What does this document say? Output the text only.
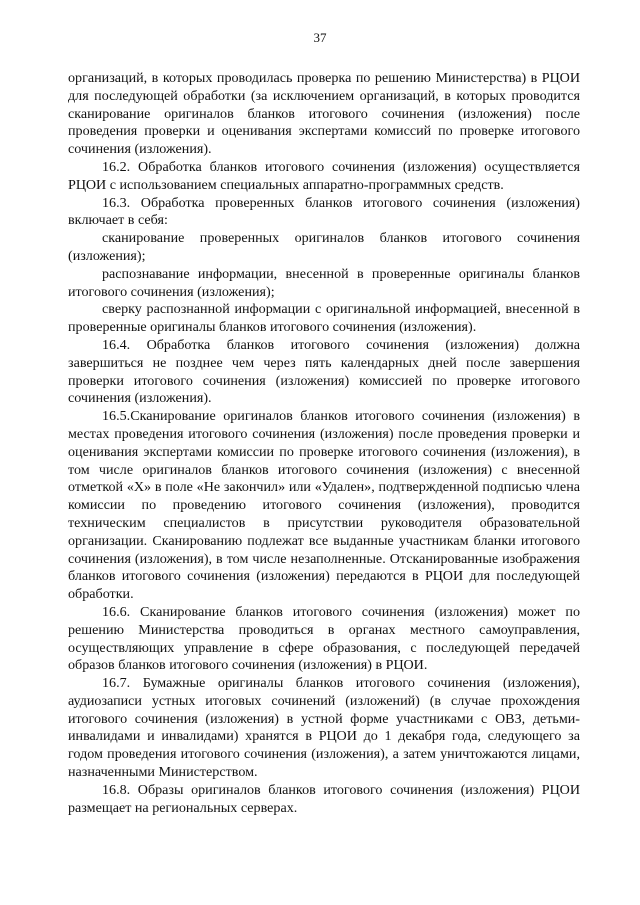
37

организаций, в которых проводилась проверка по решению Министерства) в РЦОИ для последующей обработки (за исключением организаций, в которых проводится сканирование оригиналов бланков итогового сочинения (изложения) после проведения проверки и оценивания экспертами комиссий по проверке итогового сочинения (изложения).

16.2. Обработка бланков итогового сочинения (изложения) осуществляется РЦОИ с использованием специальных аппаратно-программных средств.

16.3. Обработка проверенных бланков итогового сочинения (изложения) включает в себя:

сканирование проверенных оригиналов бланков итогового сочинения (изложения);

распознавание информации, внесенной в проверенные оригиналы бланков итогового сочинения (изложения);

сверку распознанной информации с оригинальной информацией, внесенной в проверенные оригиналы бланков итогового сочинения (изложения).

16.4. Обработка бланков итогового сочинения (изложения) должна завершиться не позднее чем через пять календарных дней после завершения проверки итогового сочинения (изложения) комиссией по проверке итогового сочинения (изложения).

16.5.Сканирование оригиналов бланков итогового сочинения (изложения) в местах проведения итогового сочинения (изложения) после проведения проверки и оценивания экспертами комиссии по проверке итогового сочинения (изложения), в том числе оригиналов бланков итогового сочинения (изложения) с внесенной отметкой «X» в поле «Не закончил» или «Удален», подтвержденной подписью члена комиссии по проведению итогового сочинения (изложения), проводится техническим специалистов в присутствии руководителя образовательной организации. Сканированию подлежат все выданные участникам бланки итогового сочинения (изложения), в том числе незаполненные. Отсканированные изображения бланков итогового сочинения (изложения) передаются в РЦОИ для последующей обработки.

16.6. Сканирование бланков итогового сочинения (изложения) может по решению Министерства проводиться в органах местного самоуправления, осуществляющих управление в сфере образования, с последующей передачей образов бланков итогового сочинения (изложения) в РЦОИ.

16.7. Бумажные оригиналы бланков итогового сочинения (изложения), аудиозаписи устных итоговых сочинений (изложений) (в случае прохождения итогового сочинения (изложения) в устной форме участниками с ОВЗ, детьми-инвалидами и инвалидами) хранятся в РЦОИ до 1 декабря года, следующего за годом проведения итогового сочинения (изложения), а затем уничтожаются лицами, назначенными Министерством.

16.8. Образы оригиналов бланков итогового сочинения (изложения) РЦОИ размещает на региональных серверах.
